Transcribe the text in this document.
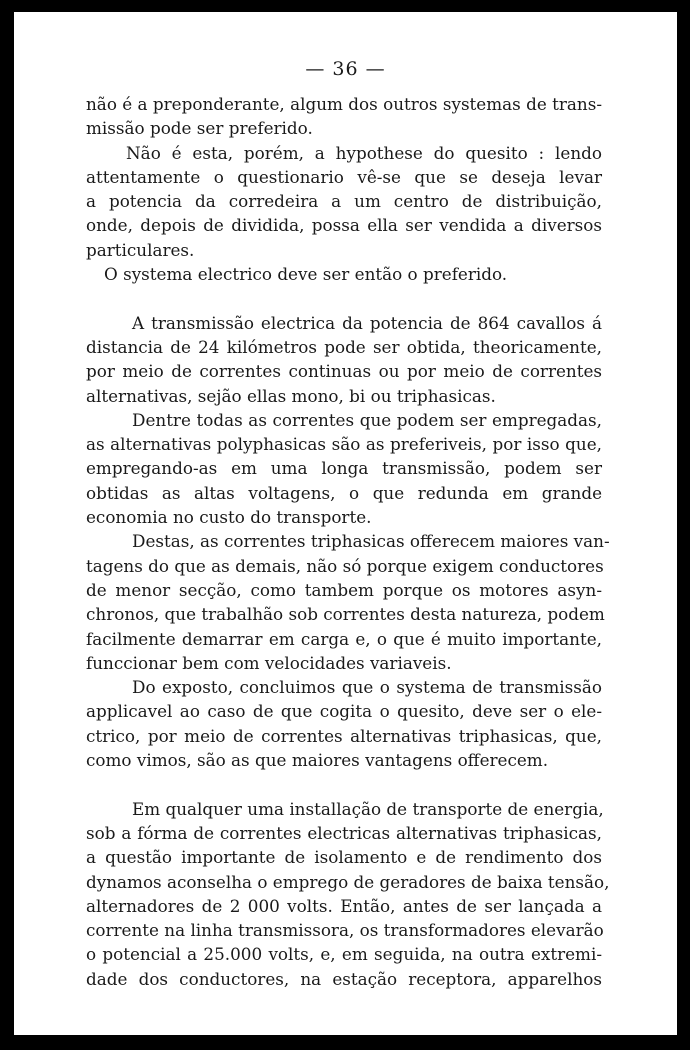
— 36 —
não é a preponderante, algum dos outros systemas de trans-
missão pode ser preferido.
Não é esta, porém, a hypothese do quesito : lendo
attentamente o questionario vê-se que se deseja levar
a potencia da corredeira a um centro de distribuição,
onde, depois de dividida, possa ella ser vendida a diversos
particulares.
O systema electrico deve ser então o preferido.
A transmissão electrica da potencia de 864 cavallos á
distancia de 24 kilómetros pode ser obtida, theoricamente,
por meio de correntes continuas ou por meio de correntes
alternativas, sejão ellas mono, bi ou triphasicas.
Dentre todas as correntes que podem ser empregadas,
as alternativas polyphasicas são as preferiveis, por isso que,
empregando-as em uma longa transmissão, podem ser
obtidas as altas voltagens, o que redunda em grande
economia no custo do transporte.
Destas, as correntes triphasicas offerecem maiores van-
tagens do que as demais, não só porque exigem conductores
de menor secção, como tambem porque os motores asyn-
chronos, que trabalhão sob correntes desta natureza, podem
facilmente demarrar em carga e, o que é muito importante,
funccionar bem com velocidades variaveis.
Do exposto, concluimos que o systema de transmissão
applicavel ao caso de que cogita o quesito, deve ser o ele-
ctrico, por meio de correntes alternativas triphasicas, que,
como vimos, são as que maiores vantagens offerecem.
Em qualquer uma installação de transporte de energia,
sob a fórma de correntes electricas alternativas triphasicas,
a questão importante de isolamento e de rendimento dos
dynamos aconselha o emprego de geradores de baixa tensão,
alternadores de 2 000 volts. Então, antes de ser lançada a
corrente na linha transmissora, os transformadores elevarão
o potencial a 25.000 volts, e, em seguida, na outra extremi-
dade dos conductores, na estação receptora, apparelhos
